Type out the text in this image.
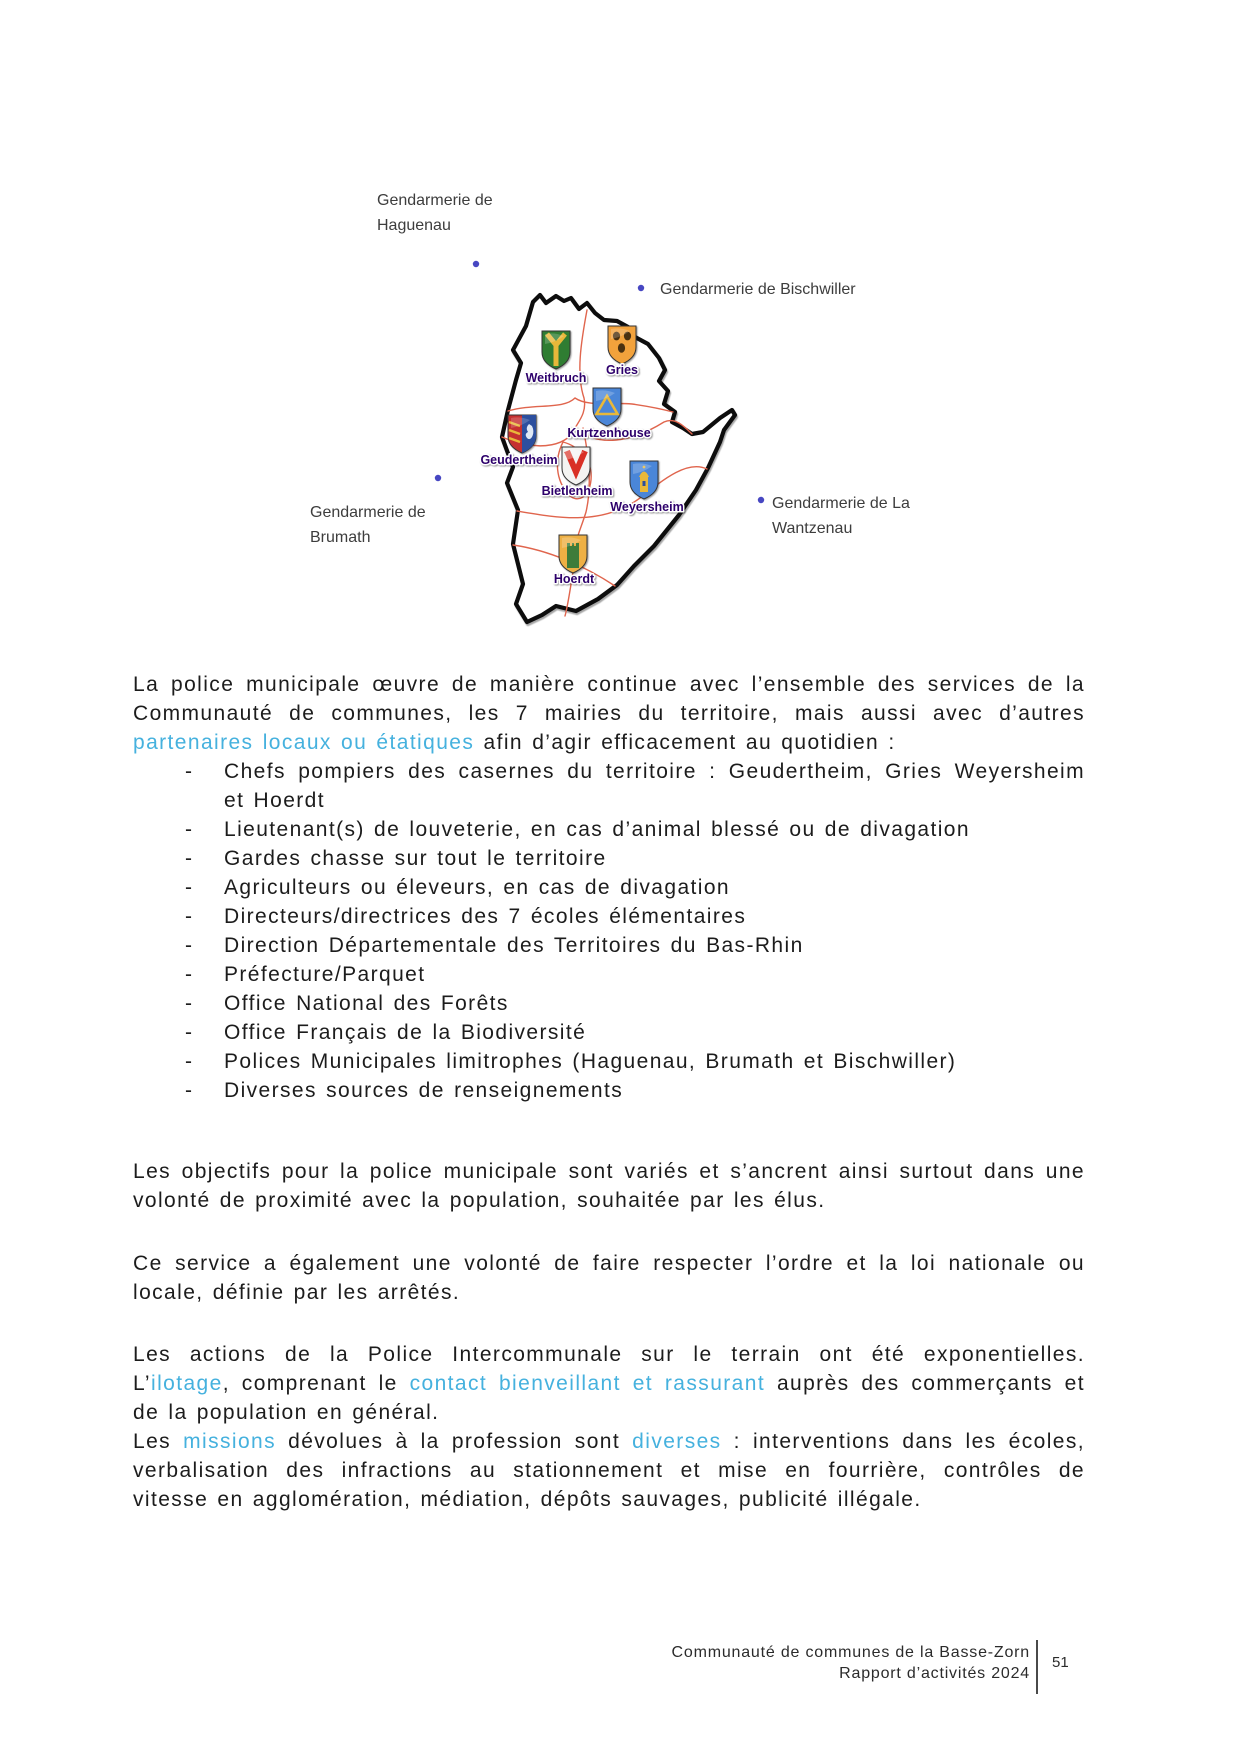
Gendarmerie de
Haguenau
Gendarmerie de Bischwiller
Gendarmerie de
Brumath
Gendarmerie de La
Wantzenau
Weitbruch
Gries
Kurtzenhouse
Geudertheim
Bietlenheim
Weyersheim
Hoerdt

La police municipale œuvre de manière continue avec l’ensemble des services de la Communauté de communes, les 7 mairies du territoire, mais aussi avec d’autres partenaires locaux ou étatiques afin d’agir efficacement au quotidien :

-	Chefs pompiers des casernes du territoire : Geudertheim, Gries Weyersheim et Hoerdt
-	Lieutenant(s) de louveterie, en cas d’animal blessé ou de divagation
-	Gardes chasse sur tout le territoire
-	Agriculteurs ou éleveurs, en cas de divagation
-	Directeurs/directrices des 7 écoles élémentaires
-	Direction Départementale des Territoires du Bas-Rhin
-	Préfecture/Parquet
-	Office National des Forêts
-	Office Français de la Biodiversité
-	Polices Municipales limitrophes (Haguenau, Brumath et Bischwiller)
-	Diverses sources de renseignements

Les objectifs pour la police municipale sont variés et s’ancrent ainsi surtout dans une volonté de proximité avec la population, souhaitée par les élus.

Ce service a également une volonté de faire respecter l’ordre et la loi nationale ou locale, définie par les arrêtés.

Les actions de la Police Intercommunale sur le terrain ont été exponentielles. L’ilotage, comprenant le contact bienveillant et rassurant auprès des commerçants et de la population en général.

Les missions dévolues à la profession sont diverses : interventions dans les écoles, verbalisation des infractions au stationnement et mise en fourrière, contrôles de vitesse en agglomération, médiation, dépôts sauvages, publicité illégale.

Communauté de communes de la Basse-Zorn
Rapport d’activités 2024
51
